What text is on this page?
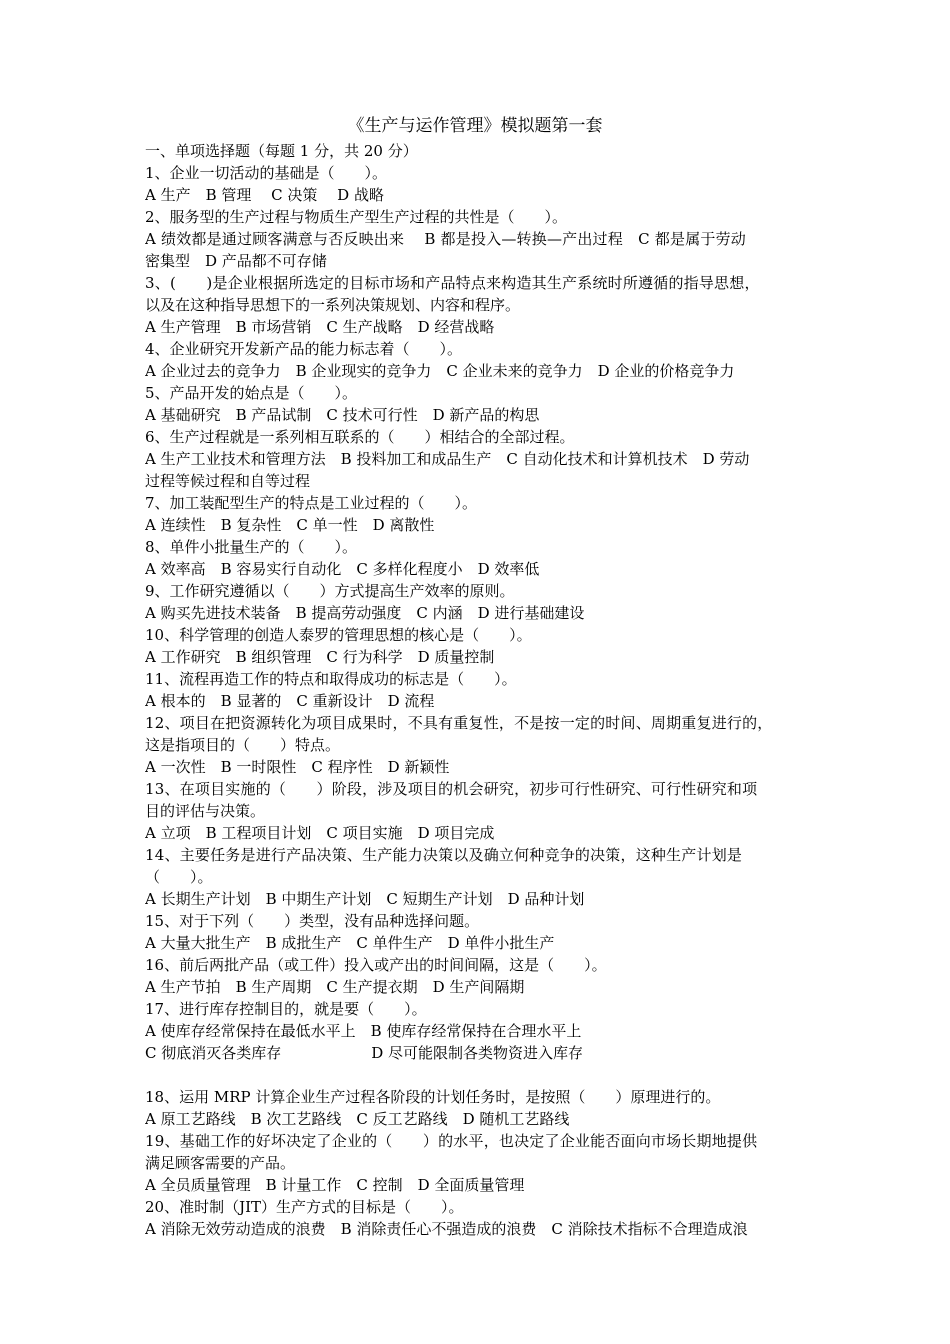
《生产与运作管理》模拟题第一套
一、单项选择题（每题 1 分，共 20 分）
1、企业一切活动的基础是（　　）。
A 生产　B 管理　 C 决策　 D 战略
2、服务型的生产过程与物质生产型生产过程的共性是（　　）。
A 绩效都是通过顾客满意与否反映出来　 B 都是投入—转换—产出过程　C 都是属于劳动
密集型　D 产品都不可存储
3、(　　)是企业根据所选定的目标市场和产品特点来构造其生产系统时所遵循的指导思想，
以及在这种指导思想下的一系列决策规划、内容和程序。
A 生产管理　B 市场营销　C 生产战略　D 经营战略
4、企业研究开发新产品的能力标志着（　　）。
A 企业过去的竞争力　B 企业现实的竞争力　C 企业未来的竞争力　D 企业的价格竞争力
5、产品开发的始点是（　　）。
A 基础研究　B 产品试制　C 技术可行性　D 新产品的构思
6、生产过程就是一系列相互联系的（　　）相结合的全部过程。
A 生产工业技术和管理方法　B 投料加工和成品生产　C 自动化技术和计算机技术　D 劳动
过程等候过程和自等过程
7、加工装配型生产的特点是工业过程的（　　）。
A 连续性　B 复杂性　C 单一性　D 离散性
8、单件小批量生产的（　　）。
A 效率高　B 容易实行自动化　C 多样化程度小　D 效率低
9、工作研究遵循以（　　）方式提高生产效率的原则。
A 购买先进技术装备　B 提高劳动强度　C 内涵　D 进行基础建设
10、科学管理的创造人泰罗的管理思想的核心是（　　）。
A 工作研究　B 组织管理　C 行为科学　D 质量控制
11、流程再造工作的特点和取得成功的标志是（　　）。
A 根本的　B 显著的　C 重新设计　D 流程
12、项目在把资源转化为项目成果时，不具有重复性，不是按一定的时间、周期重复进行的，
这是指项目的（　　）特点。
A 一次性　B 一时限性　C 程序性　D 新颖性
13、在项目实施的（　　）阶段，涉及项目的机会研究，初步可行性研究、可行性研究和项
目的评估与决策。
A 立项　B 工程项目计划　C 项目实施　D 项目完成
14、主要任务是进行产品决策、生产能力决策以及确立何种竞争的决策，这种生产计划是
（　　）。
A 长期生产计划　B 中期生产计划　C 短期生产计划　D 品种计划
15、对于下列（　　）类型，没有品种选择问题。
A 大量大批生产　B 成批生产　C 单件生产　D 单件小批生产
16、前后两批产品（或工件）投入或产出的时间间隔，这是（　　）。
A 生产节拍　B 生产周期　C 生产提衣期　D 生产间隔期
17、进行库存控制目的，就是要（　　）。
A 使库存经常保持在最低水平上　B 使库存经常保持在合理水平上
C 彻底消灭各类库存　　　　　　D 尽可能限制各类物资进入库存
18、运用 MRP 计算企业生产过程各阶段的计划任务时，是按照（　　）原理进行的。
A 原工艺路线　B 次工艺路线　C 反工艺路线　D 随机工艺路线
19、基础工作的好坏决定了企业的（　　）的水平，也决定了企业能否面向市场长期地提供
满足顾客需要的产品。
A 全员质量管理　B 计量工作　C 控制　D 全面质量管理
20、准时制（JIT）生产方式的目标是（　　）。
A 消除无效劳动造成的浪费　B 消除责任心不强造成的浪费　C 消除技术指标不合理造成浪
